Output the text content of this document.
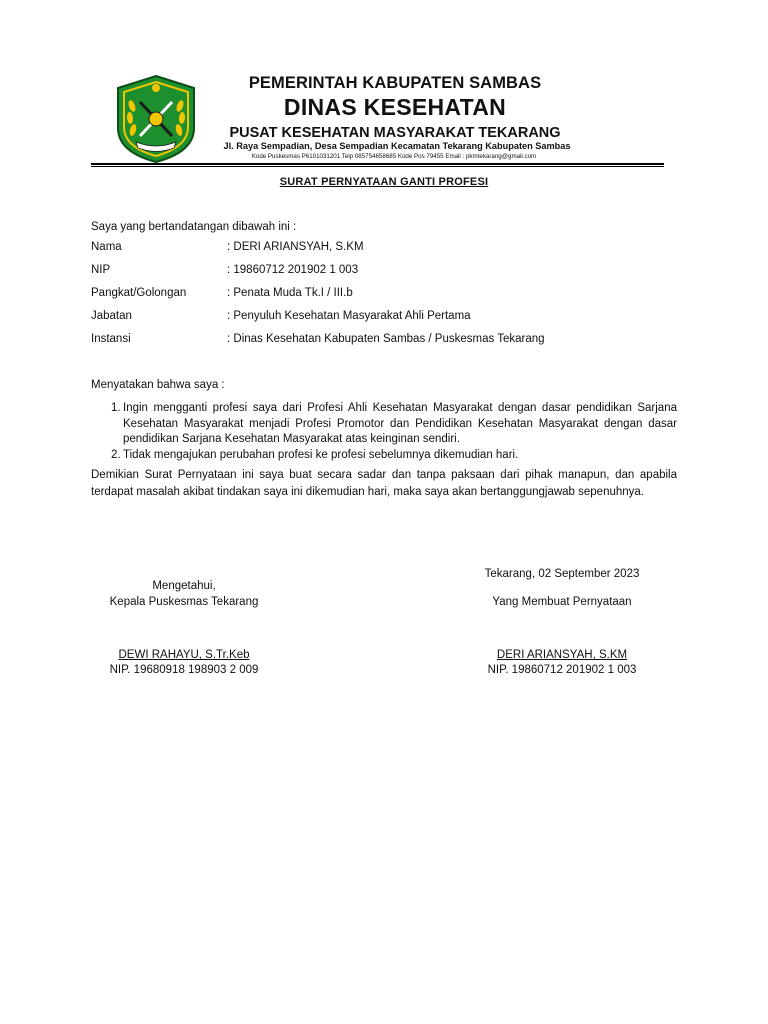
PEMERINTAH KABUPATEN SAMBAS
DINAS KESEHATAN
PUSAT KESEHATAN MASYARAKAT TEKARANG
Jl. Raya Sempadian, Desa Sempadian Kecamatan Tekarang Kabupaten Sambas
Kode Puskesmas P6101031201 Telp 085754658685 Kode Pos 79455 Email : pkmtekarang@gmail.com
SURAT PERNYATAAN GANTI PROFESI
Saya yang bertandatangan dibawah ini :
Nama	: DERI ARIANSYAH, S.KM
NIP	: 19860712 201902 1 003
Pangkat/Golongan	: Penata Muda Tk.I / III.b
Jabatan	: Penyuluh Kesehatan Masyarakat Ahli Pertama
Instansi	: Dinas Kesehatan Kabupaten Sambas / Puskesmas Tekarang
Menyatakan bahwa saya :
1. Ingin mengganti profesi saya dari Profesi Ahli Kesehatan Masyarakat dengan dasar pendidikan Sarjana Kesehatan Masyarakat menjadi Profesi Promotor dan Pendidikan Kesehatan Masyarakat dengan dasar pendidikan Sarjana Kesehatan Masyarakat atas keinginan sendiri.
2. Tidak mengajukan perubahan profesi ke profesi sebelumnya dikemudian hari.
Demikian Surat Pernyataan ini saya buat secara sadar dan tanpa paksaan dari pihak manapun, dan apabila terdapat masalah akibat tindakan saya ini dikemudian hari, maka saya akan bertanggungjawab sepenuhnya.
Tekarang, 02 September 2023
Mengetahui,
Kepala Puskesmas Tekarang	Yang Membuat Pernyataan
DEWI RAHAYU, S.Tr.Keb
NIP. 19680918 198903 2 009
DERI ARIANSYAH, S.KM
NIP. 19860712 201902 1 003
